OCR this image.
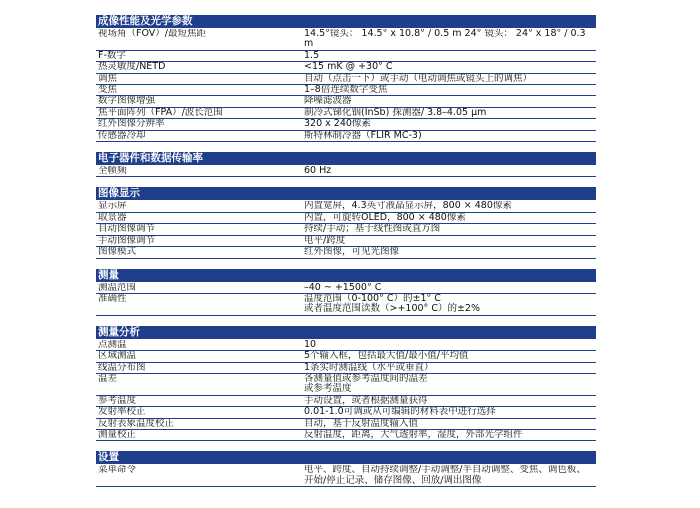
成像性能及光学参数
视场角（FOV）/最短焦距	14.5°镜头： 14.5° x 10.8° / 0.5 m 24° 镜头： 24° x 18° / 0.3 m
F-数字	1.5
热灵敏度/NETD	<15 mK @ +30° C
调焦	自动（点击一下）或手动（电动调焦或镜头上的调焦）
变焦	1–8倍连续数字变焦
数字图像增强	降噪滤波器
焦平面阵列（FPA）/波长范围	制冷式锑化铟(InSb) 探测器/ 3.8–4.05 μm
红外图像分辨率	320 x 240像素
传感器冷却	斯特林制冷器（FLIR MC-3)
电子器件和数据传输率
全帧频	60 Hz
图像显示
显示屏	内置宽屏，4.3英寸液晶显示屏，800 × 480像素
取景器	内置，可旋转OLED，800 × 480像素
自动图像调节	持续/手动；基于线性图或直方图
手动图像调节	电平/跨度
图像模式	红外图像，可见光图像
测量
测温范围	–40 ~ +1500° C
准确性	温度范围（0-100° C）的±1° C
或者温度范围读数（>+100° C）的±2%
测量分析
点测温	10
区域测温	5个输入框，包括最大值/最小值/平均值
线温分布图	1条实时测温线（水平或垂直）
温差	各测量值或参考温度间的温差
或参考温度
参考温度	手动设置，或者根据测量获得
发射率校正	0.01-1.0可调或从可编辑的材料表中进行选择
反射表象温度校正	自动，基于反射温度输入值
测量校正	反射温度，距离，大气透射率，湿度，外部光学组件
设置
菜单命令	电平、跨度、自动持续调整/手动调整/半自动调整、变焦、调色板、开始/停止记录、储存图像、回放/调出图像
